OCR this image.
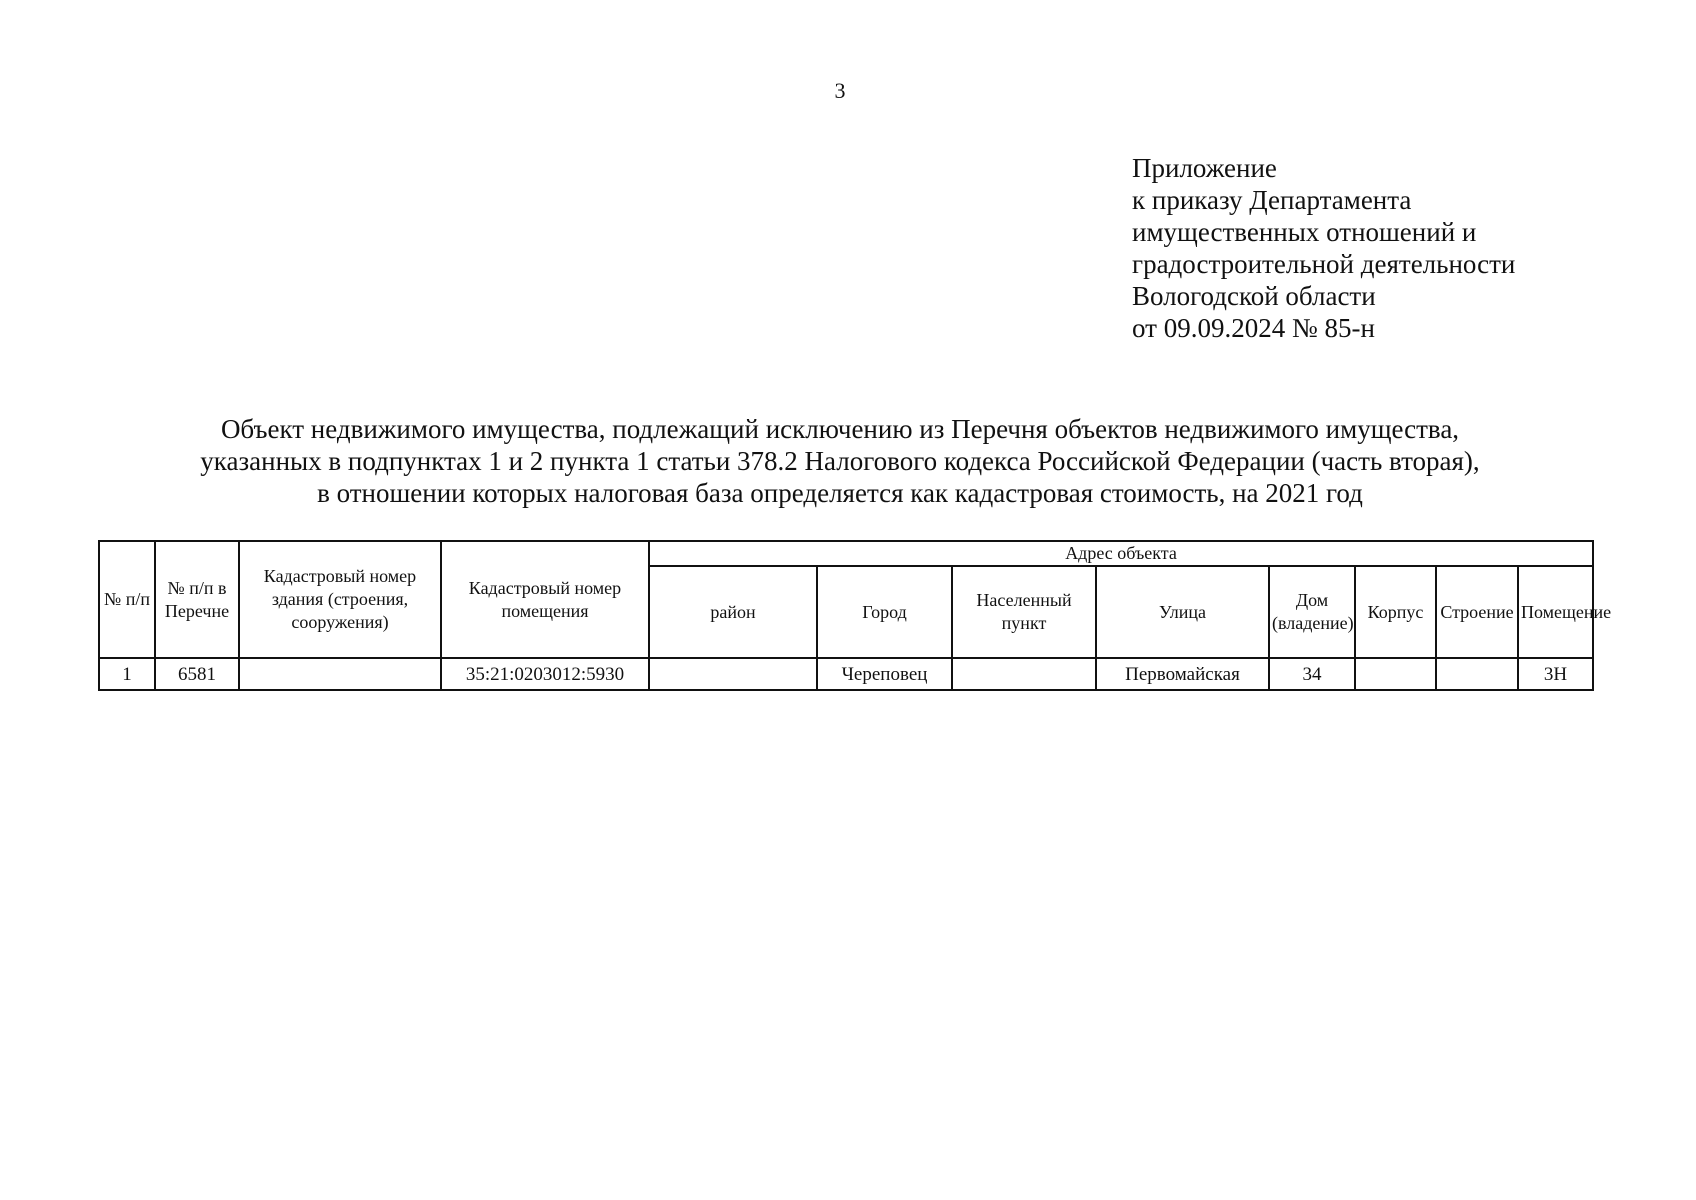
3
Приложение
к приказу Департамента
имущественных отношений и
градостроительной деятельности
Вологодской области
от 09.09.2024 № 85-н
Объект недвижимого имущества, подлежащий исключению из Перечня объектов недвижимого имущества,
указанных в подпунктах 1 и 2 пункта 1 статьи 378.2 Налогового кодекса Российской Федерации (часть вторая),
в отношении которых налоговая база определяется как кадастровая стоимость, на 2021 год
№ п/п	№ п/п в Перечне	Кадастровый номер здания (строения, сооружения)	Кадастровый номер помещения	Адрес объекта							
				район	Город	Населенный пункт	Улица	Дом (владение)	Корпус	Строение	Помещение
1	6581		35:21:0203012:5930		Череповец		Первомайская	34			3Н
